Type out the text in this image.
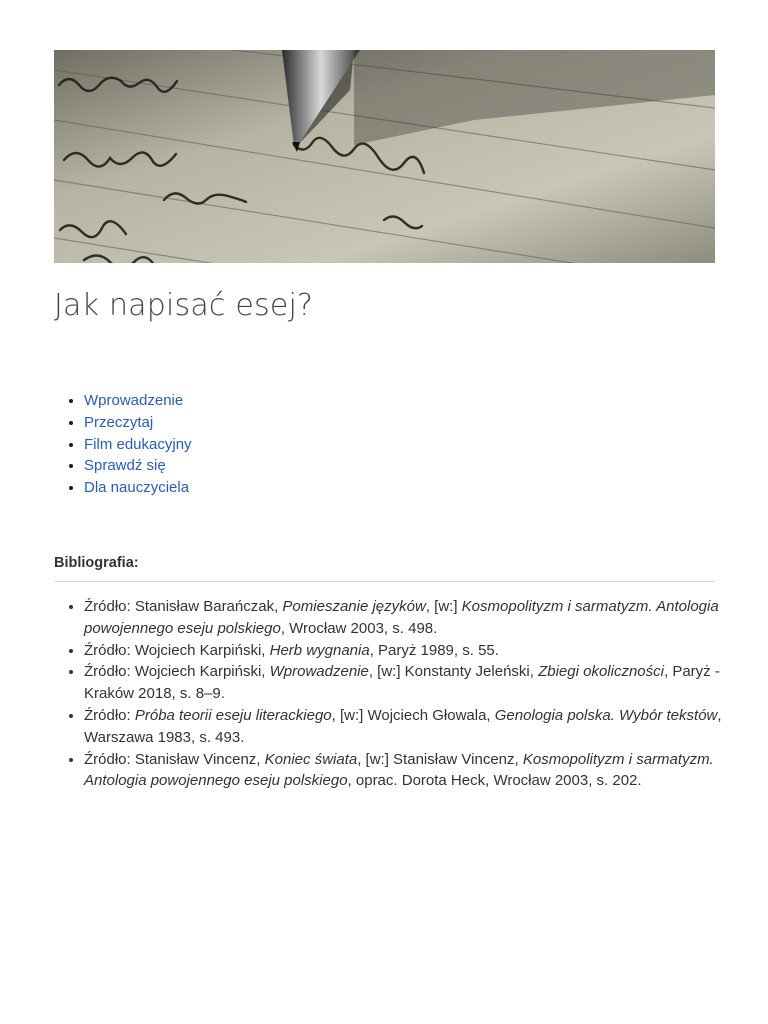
Jak napisać esej?
• Wprowadzenie
• Przeczytaj
• Film edukacyjny
• Sprawdź się
• Dla nauczyciela
Bibliografia:
• Źródło: Stanisław Barańczak, Pomieszanie języków, [w:] Kosmopolityzm i sarmatyzm. Antologia powojennego eseju polskiego, Wrocław 2003, s. 498.
• Źródło: Wojciech Karpiński, Herb wygnania, Paryż 1989, s. 55.
• Źródło: Wojciech Karpiński, Wprowadzenie, [w:] Konstanty Jeleński, Zbiegi okoliczności, Paryż - Kraków 2018, s. 8–9.
• Źródło: Próba teorii eseju literackiego, [w:] Wojciech Głowala, Genologia polska. Wybór tekstów, Warszawa 1983, s. 493.
• Źródło: Stanisław Vincenz, Koniec świata, [w:] Stanisław Vincenz, Kosmopolityzm i sarmatyzm. Antologia powojennego eseju polskiego, oprac. Dorota Heck, Wrocław 2003, s. 202.
